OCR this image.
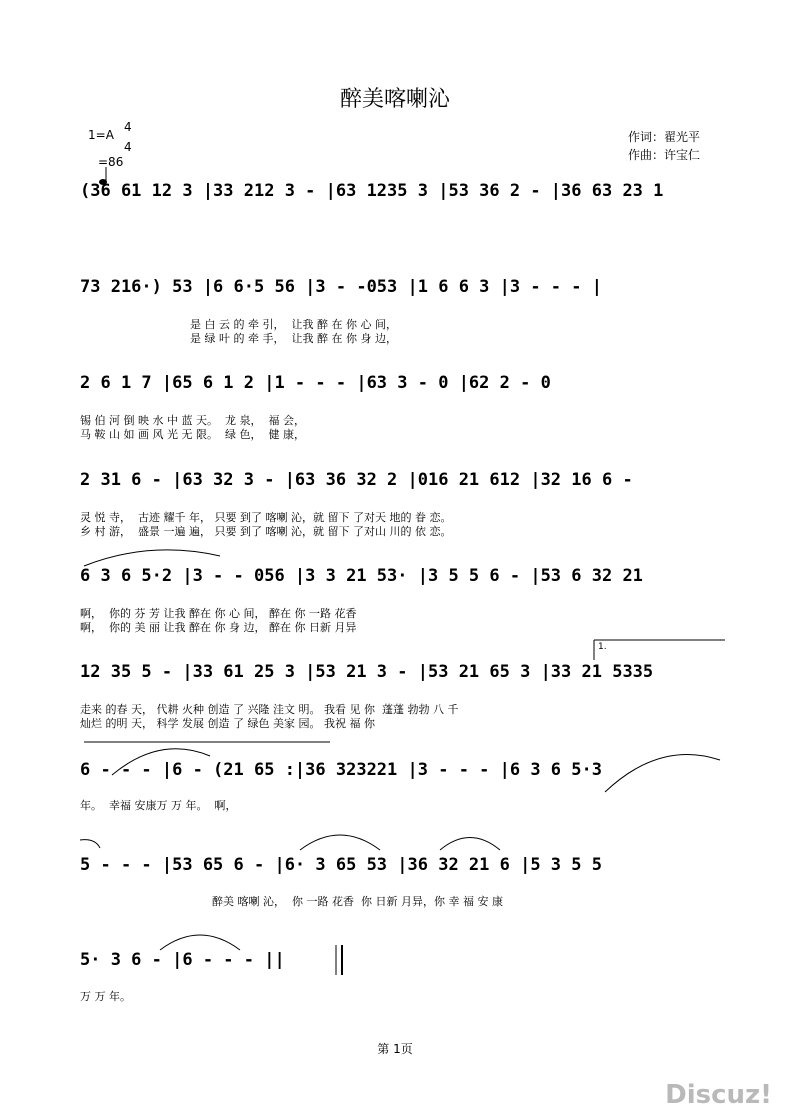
醉美喀喇沁
1=A
4
4

=86
作词：翟光平
作曲：许宝仁
(36 61 12 3 |33 212 3 - |63 1235 3 |53 36 2 - |36 63 23 1
73 216·) 53 |6 6·5 56 |3 - -053 |1 6 6 3 |3 - - - |
是 白 云 的 牵 引，  让我 醉 在 你 心 间，
是 绿 叶 的 牵 手，  让我 醉 在 你 身 边，
2 6 1 7 |65 6 1 2 |1 - - - |63 3 - 0 |62 2 - 0
锡 伯 河 倒 映 水 中 蓝 天。  龙 泉，  福 会，
马 鞍 山 如 画 风 光 无 限。  绿 色，  健 康，
2 31 6 - |63 32 3 - |63 36 32 2 |016 21 612 |32 16 6 -
灵 悦 寺，  古迹 耀千 年， 只要 到了 喀喇 沁，就 留下 了对天 地的 眷 恋。
乡 村 游，  盛景 一遍 遍， 只要 到了 喀喇 沁，就 留下 了对山 川的 依 恋。
6 3 6 5·2 |3 - - 056 |3 3 21 53· |3 5 5 6 - |53 6 32 21
啊，  你的 芬 芳 让我 醉在 你 心 间， 醉在 你 一路 花香
啊，  你的 美 丽 让我 醉在 你 身 边， 醉在 你 日新 月异
1.
12 35 5 - |33 61 25 3 |53 21 3 - |53 21 65 3 |33 21 5335
走来 的春 天， 代耕 火种 创造 了 兴隆 洼文 明。 我看 见 你  蓬蓬 勃勃 八 千
灿烂 的明 天， 科学 发展 创造 了 绿色 美家 园。 我祝 福 你
6 - - - |6 - (21 65 :|36 323221 |3 - - - |6 3 6 5·3
年。  幸福 安康万 万 年。  啊，
5 - - - |53 65 6 - |6· 3 65 53 |36 32 21 6 |5 3 5 5
醉美 喀喇 沁，  你 一路 花香  你 日新 月异，你 幸 福 安 康
5· 3 6 - |6 - - - ||
万 万 年。
第 1页
Discuz!
